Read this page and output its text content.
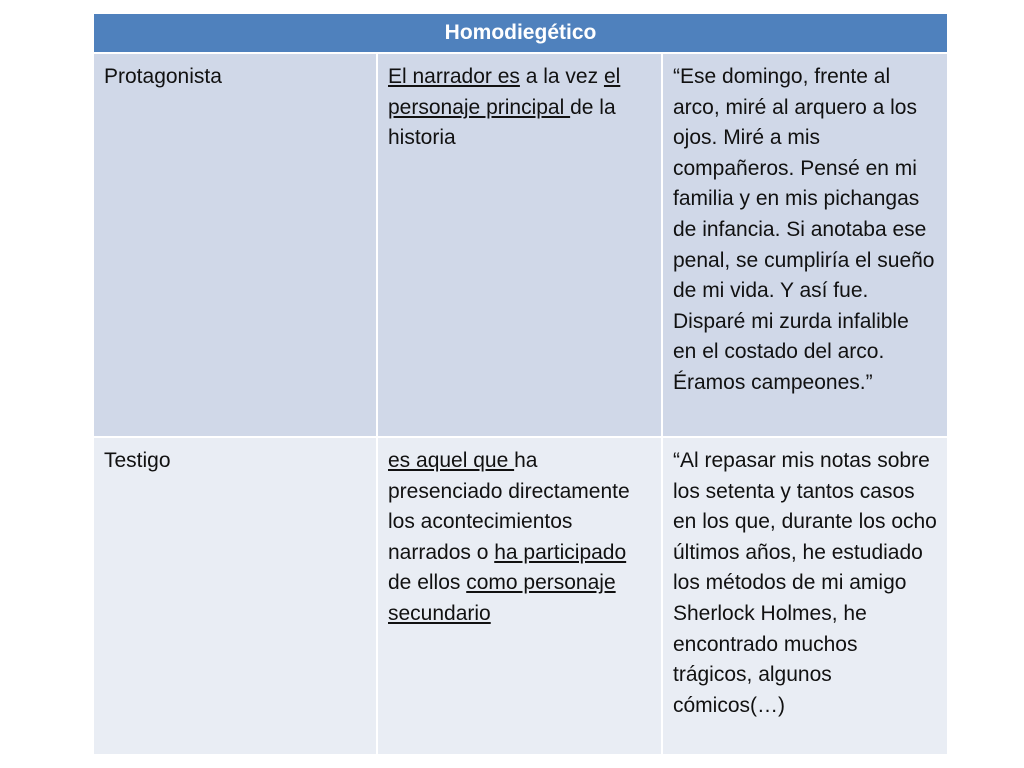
Homodiegético		
Protagonista	El narrador es a la vez el personaje principal de la historia	“Ese domingo, frente al arco, miré al arquero a los ojos. Miré a mis compañeros. Pensé en mi familia y en mis pichangas de infancia. Si anotaba ese penal, se cumpliría el sueño de mi vida. Y así fue. Disparé mi zurda infalible en el costado del arco. Éramos campeones.”
Testigo	es aquel que ha presenciado directamente los acontecimientos narrados o ha participado de ellos como personaje secundario	“Al repasar mis notas sobre los setenta y tantos casos en los que, durante los ocho últimos años, he estudiado los métodos de mi amigo Sherlock Holmes, he encontrado muchos trágicos, algunos cómicos(…)
